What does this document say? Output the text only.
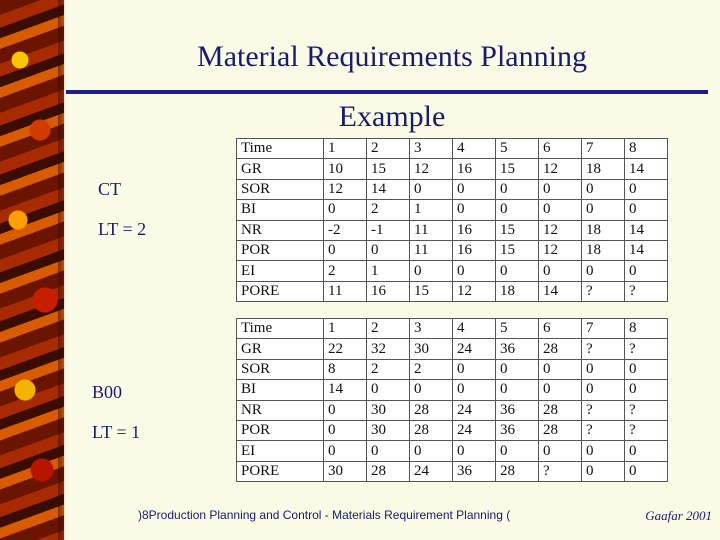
Material Requirements Planning
Example
CT
LT = 2
B00
LT = 1
Time	1	2	3	4	5	6	7	8
GR	10	15	12	16	15	12	18	14
SOR	12	14	0	0	0	0	0	0
BI	0	2	1	0	0	0	0	0
NR	-2	-1	11	16	15	12	18	14
POR	0	0	11	16	15	12	18	14
EI	2	1	0	0	0	0	0	0
PORE	11	16	15	12	18	14	?	?
Time	1	2	3	4	5	6	7	8
GR	22	32	30	24	36	28	?	?
SOR	8	2	2	0	0	0	0	0
BI	14	0	0	0	0	0	0	0
NR	0	30	28	24	36	28	?	?
POR	0	30	28	24	36	28	?	?
EI	0	0	0	0	0	0	0	0
PORE	30	28	24	36	28	?	0	0
)8Production Planning and Control - Materials Requirement Planning (	Gaafar 2001
